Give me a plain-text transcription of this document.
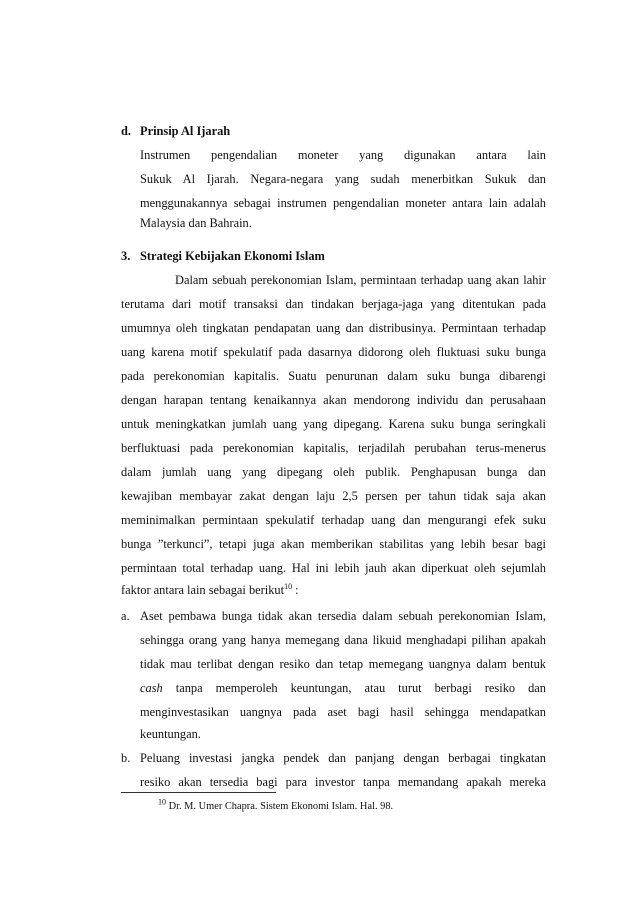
d. Prinsip Al Ijarah
Instrumen pengendalian moneter yang digunakan antara lain
Sukuk Al Ijarah. Negara-negara yang sudah menerbitkan Sukuk dan
menggunakannya sebagai instrumen pengendalian moneter antara lain adalah
Malaysia dan Bahrain.
3. Strategi Kebijakan Ekonomi Islam
Dalam sebuah perekonomian Islam, permintaan terhadap uang akan lahir
terutama dari motif transaksi dan tindakan berjaga-jaga yang ditentukan pada
umumnya oleh tingkatan pendapatan uang dan distribusinya. Permintaan terhadap
uang karena motif spekulatif pada dasarnya didorong oleh fluktuasi suku bunga
pada perekonomian kapitalis. Suatu penurunan dalam suku bunga dibarengi
dengan harapan tentang kenaikannya akan mendorong individu dan perusahaan
untuk meningkatkan jumlah uang yang dipegang. Karena suku bunga seringkali
berfluktuasi pada perekonomian kapitalis, terjadilah perubahan terus-menerus
dalam jumlah uang yang dipegang oleh publik. Penghapusan bunga dan
kewajiban membayar zakat dengan laju 2,5 persen per tahun tidak saja akan
meminimalkan permintaan spekulatif terhadap uang dan mengurangi efek suku
bunga ”terkunci”, tetapi juga akan memberikan stabilitas yang lebih besar bagi
permintaan total terhadap uang. Hal ini lebih jauh akan diperkuat oleh sejumlah
faktor antara lain sebagai berikut$^{10}$ :
a. Aset pembawa bunga tidak akan tersedia dalam sebuah perekonomian Islam,
sehingga orang yang hanya memegang dana likuid menghadapi pilihan apakah
tidak mau terlibat dengan resiko dan tetap memegang uangnya dalam bentuk
cash tanpa memperoleh keuntungan, atau turut berbagi resiko dan
menginvestasikan uangnya pada aset bagi hasil sehingga mendapatkan
keuntungan.
b. Peluang investasi jangka pendek dan panjang dengan berbagai tingkatan
resiko akan tersedia bagi para investor tanpa memandang apakah mereka
$^{10}$ Dr. M. Umer Chapra. Sistem Ekonomi Islam. Hal. 98.
